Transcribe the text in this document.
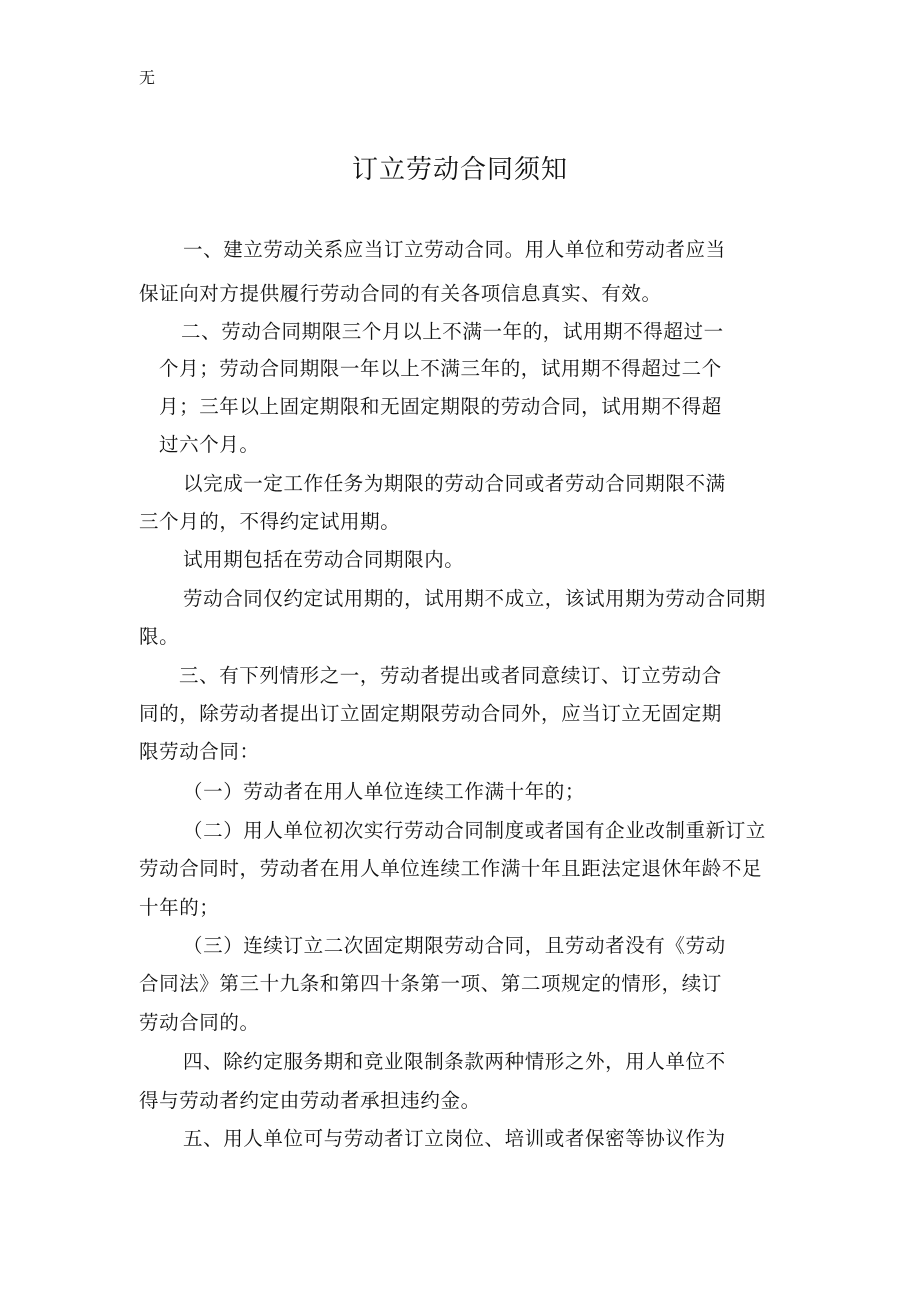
无
订立劳动合同须知
一、建立劳动关系应当订立劳动合同。用人单位和劳动者应当
保证向对方提供履行劳动合同的有关各项信息真实、有效。
二、劳动合同期限三个月以上不满一年的，试用期不得超过一
个月；劳动合同期限一年以上不满三年的，试用期不得超过二个
月；三年以上固定期限和无固定期限的劳动合同，试用期不得超
过六个月。
以完成一定工作任务为期限的劳动合同或者劳动合同期限不满
三个月的，不得约定试用期。
试用期包括在劳动合同期限内。
劳动合同仅约定试用期的，试用期不成立，该试用期为劳动合同期
限。
三、有下列情形之一，劳动者提出或者同意续订、订立劳动合
同的，除劳动者提出订立固定期限劳动合同外，应当订立无固定期
限劳动合同：
（一）劳动者在用人单位连续工作满十年的；
（二）用人单位初次实行劳动合同制度或者国有企业改制重新订立
劳动合同时，劳动者在用人单位连续工作满十年且距法定退休年龄不足
十年的；
（三）连续订立二次固定期限劳动合同，且劳动者没有《劳动
合同法》第三十九条和第四十条第一项、第二项规定的情形，续订
劳动合同的。
四、除约定服务期和竞业限制条款两种情形之外，用人单位不
得与劳动者约定由劳动者承担违约金。
五、用人单位可与劳动者订立岗位、培训或者保密等协议作为
